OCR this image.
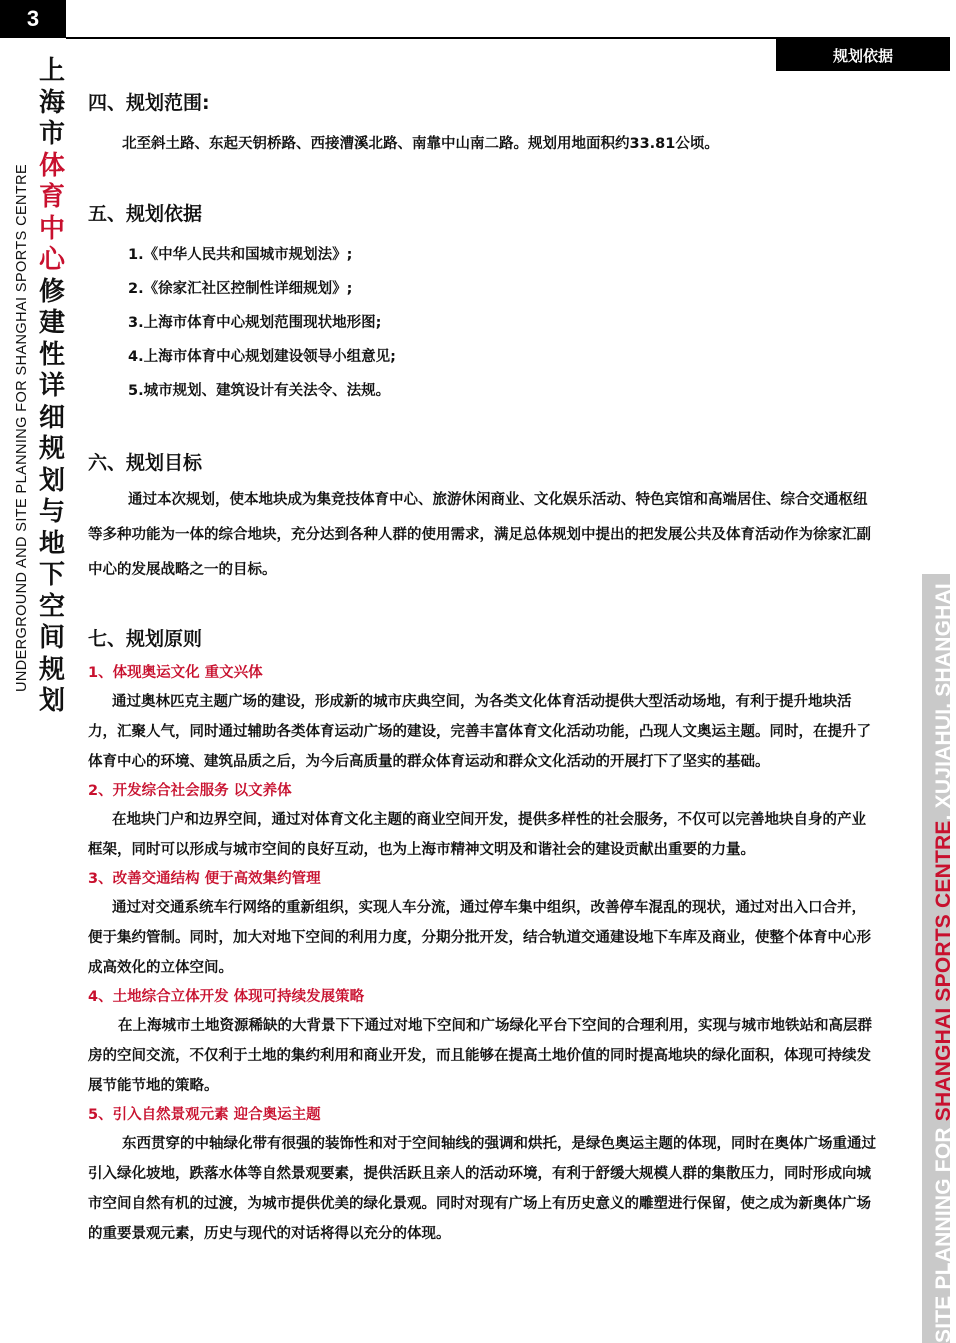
3
规划依据
UNDERGROUND AND SITE PLANNING FOR SHANGHAI SPORTS CENTRE
上
海
市
体
育
中
心
修
建
性
详
细
规
划
与
地
下
空
间
规
划
SITE PLANNING FOR SHANGHAI SPORTS CENTRE, XUJIAHUI, SHANGHAI

四、规划范围:

北至斜土路、东起天钥桥路、西接漕溪北路、南靠中山南二路。规划用地面积约33.81公顷。

五、规划依据

1.《中华人民共和国城市规划法》;

2.《徐家汇社区控制性详细规划》;

3.上海市体育中心规划范围现状地形图;

4.上海市体育中心规划建设领导小组意见;

5.城市规划、建筑设计有关法令、法规。

六、规划目标

通过本次规划，使本地块成为集竞技体育中心、旅游休闲商业、文化娱乐活动、特色宾馆和高端居住、综合交通枢纽等多种功能为一体的综合地块，充分达到各种人群的使用需求，满足总体规划中提出的把发展公共及体育活动作为徐家汇副中心的发展战略之一的目标。

七、规划原则

1、体现奥运文化 重文兴体

通过奥林匹克主题广场的建设，形成新的城市庆典空间，为各类文化体育活动提供大型活动场地，有利于提升地块活力，汇聚人气，同时通过辅助各类体育运动广场的建设，完善丰富体育文化活动功能，凸现人文奥运主题。同时，在提升了体育中心的环境、建筑品质之后，为今后高质量的群众体育运动和群众文化活动的开展打下了坚实的基础。

2、开发综合社会服务 以文养体

在地块门户和边界空间，通过对体育文化主题的商业空间开发，提供多样性的社会服务，不仅可以完善地块自身的产业框架，同时可以形成与城市空间的良好互动，也为上海市精神文明及和谐社会的建设贡献出重要的力量。

3、改善交通结构 便于高效集约管理

通过对交通系统车行网络的重新组织，实现人车分流，通过停车集中组织，改善停车混乱的现状，通过对出入口合并，便于集约管制。同时，加大对地下空间的利用力度，分期分批开发，结合轨道交通建设地下车库及商业，使整个体育中心形成高效化的立体空间。

4、土地综合立体开发 体现可持续发展策略

在上海城市土地资源稀缺的大背景下下通过对地下空间和广场绿化平台下空间的合理利用，实现与城市地铁站和高层群房的空间交流，不仅利于土地的集约利用和商业开发，而且能够在提高土地价值的同时提高地块的绿化面积，体现可持续发展节能节地的策略。

5、引入自然景观元素 迎合奥运主题

东西贯穿的中轴绿化带有很强的装饰性和对于空间轴线的强调和烘托，是绿色奥运主题的体现，同时在奥体广场重通过引入绿化坡地，跌落水体等自然景观要素，提供活跃且亲人的活动环境，有利于舒缓大规模人群的集散压力，同时形成向城市空间自然有机的过渡，为城市提供优美的绿化景观。同时对现有广场上有历史意义的雕塑进行保留，使之成为新奥体广场的重要景观元素，历史与现代的对话将得以充分的体现。
